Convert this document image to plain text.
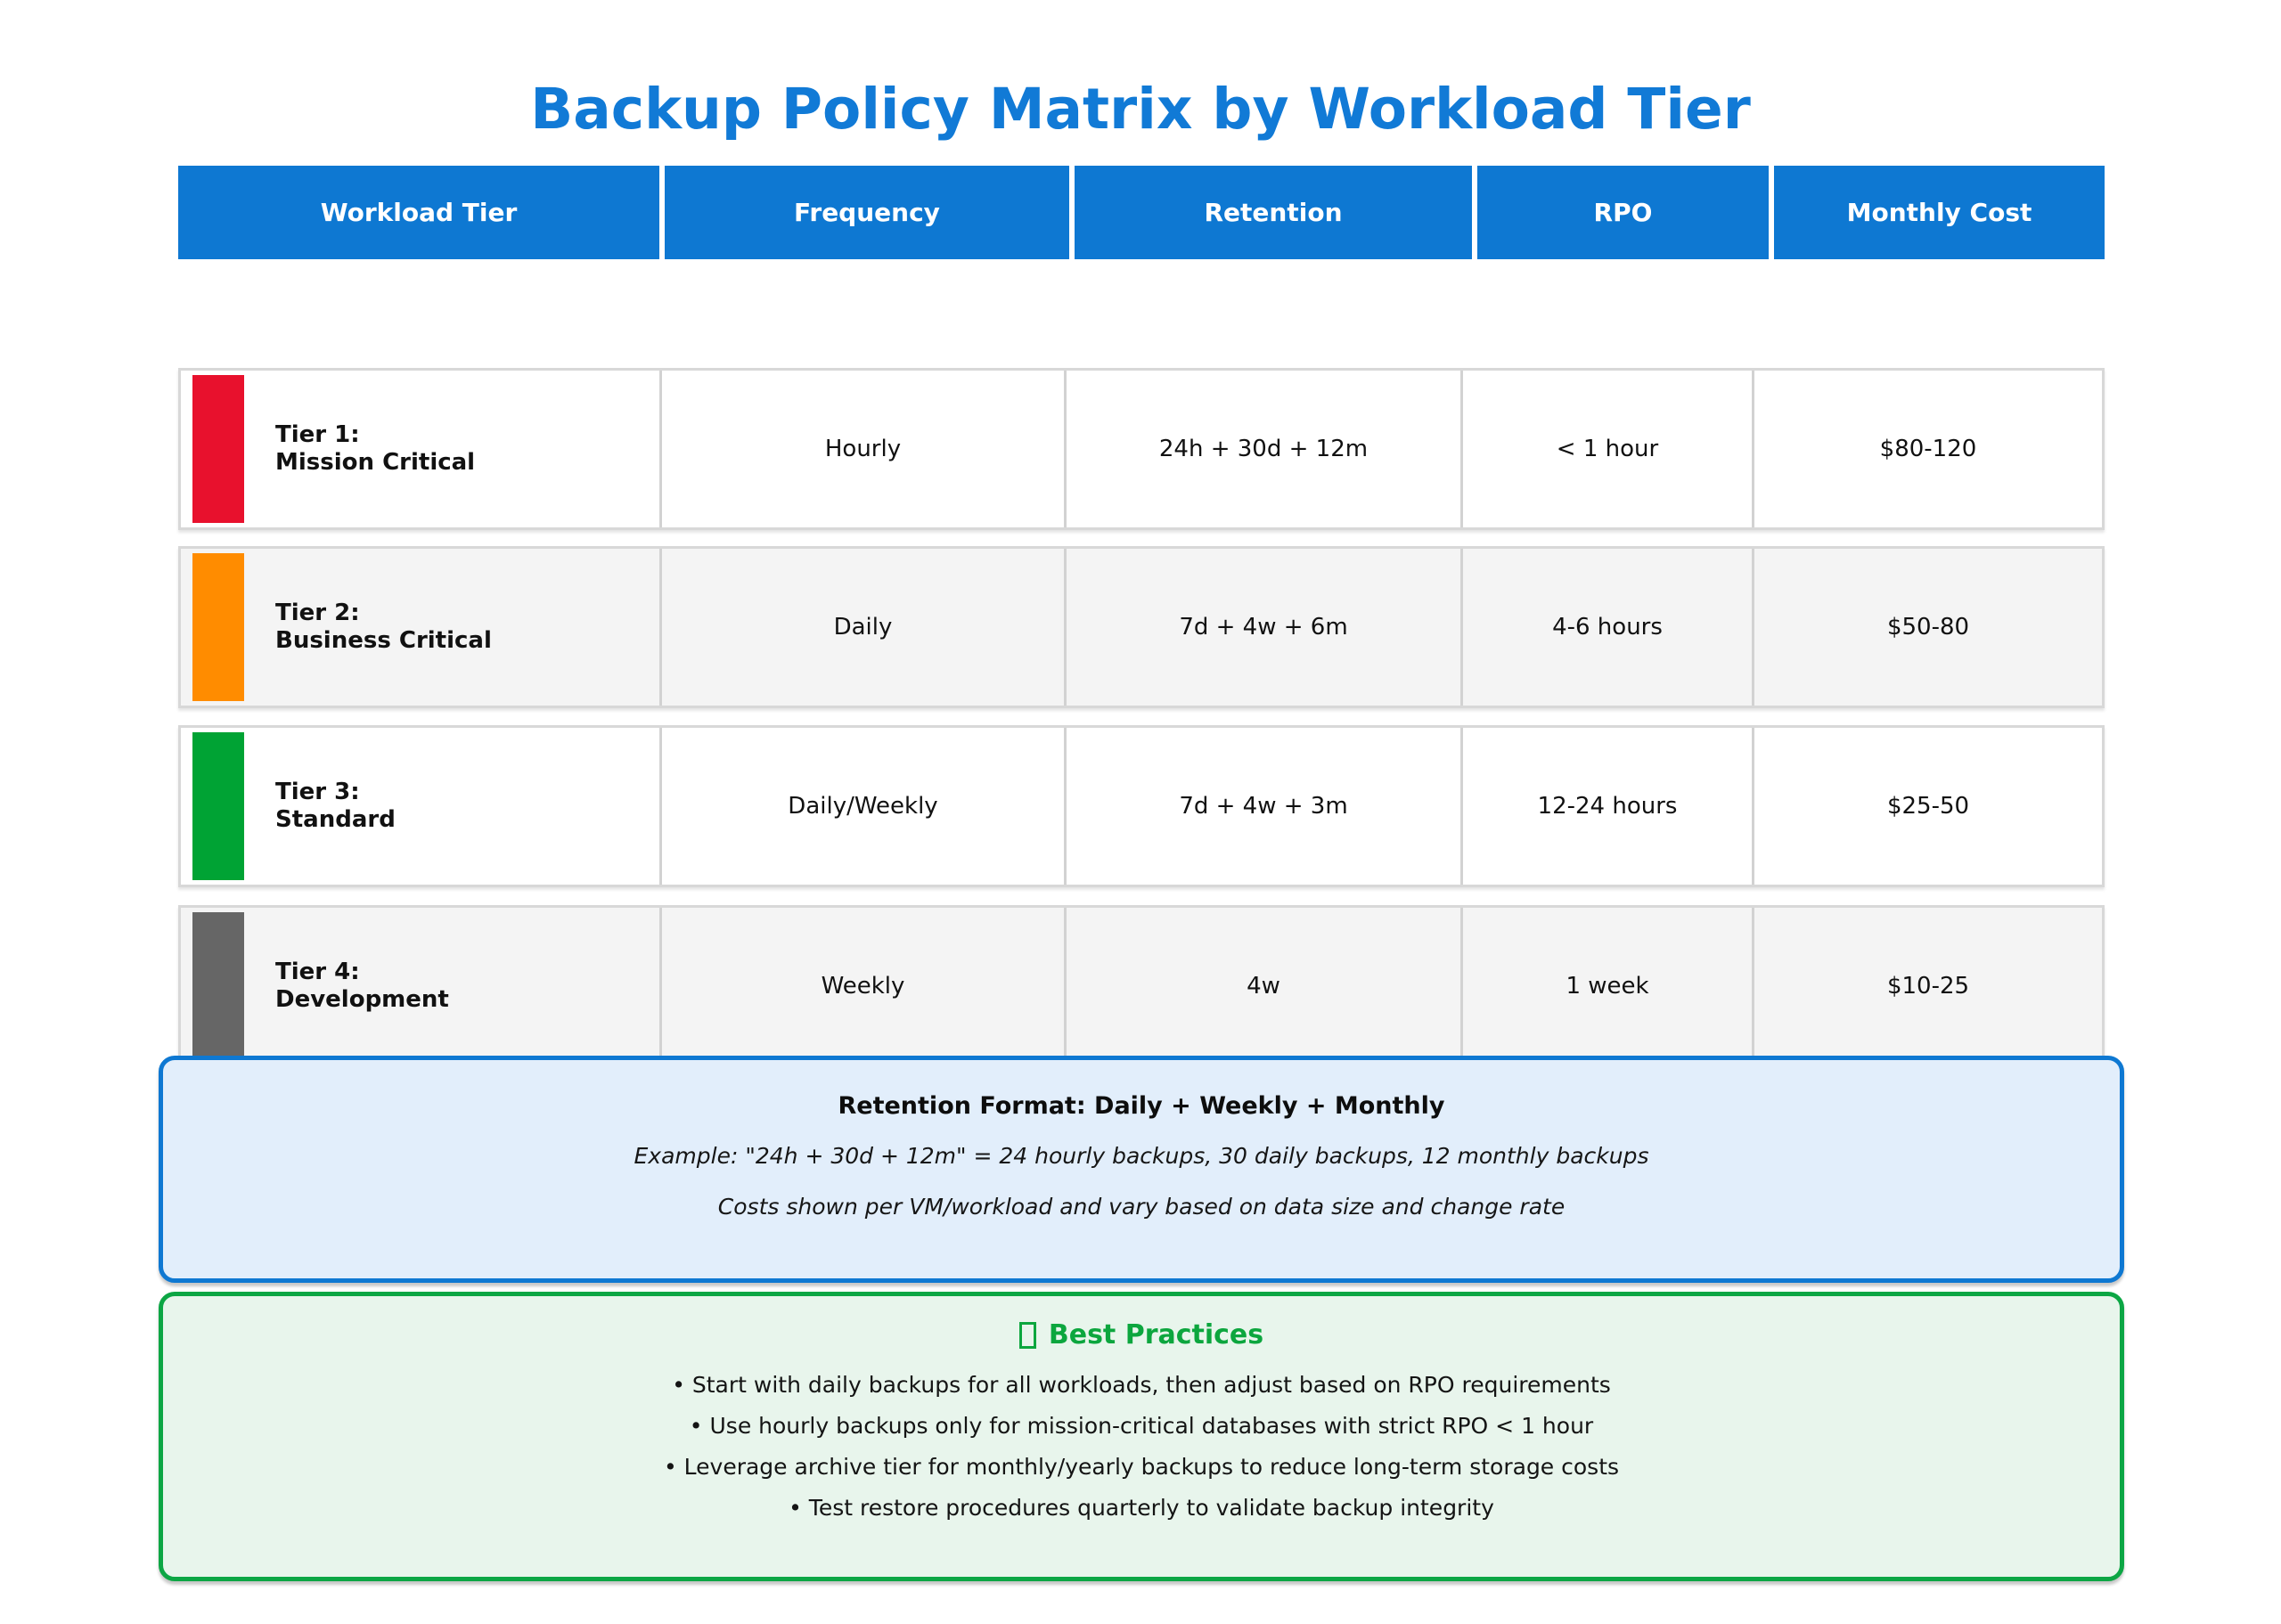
Backup Policy Matrix by Workload Tier
Workload Tier	Frequency	Retention	RPO	Monthly Cost
Tier 1:
Mission Critical	Hourly	24h + 30d + 12m	< 1 hour	$80-120
Tier 2:
Business Critical	Daily	7d + 4w + 6m	4-6 hours	$50-80
Tier 3:
Standard	Daily/Weekly	7d + 4w + 3m	12-24 hours	$25-50
Tier 4:
Development	Weekly	4w	1 week	$10-25
Retention Format: Daily + Weekly + Monthly
Example: "24h + 30d + 12m" = 24 hourly backups, 30 daily backups, 12 monthly backups
Costs shown per VM/workload and vary based on data size and change rate
Best Practices
• Start with daily backups for all workloads, then adjust based on RPO requirements
• Use hourly backups only for mission-critical databases with strict RPO < 1 hour
• Leverage archive tier for monthly/yearly backups to reduce long-term storage costs
• Test restore procedures quarterly to validate backup integrity
